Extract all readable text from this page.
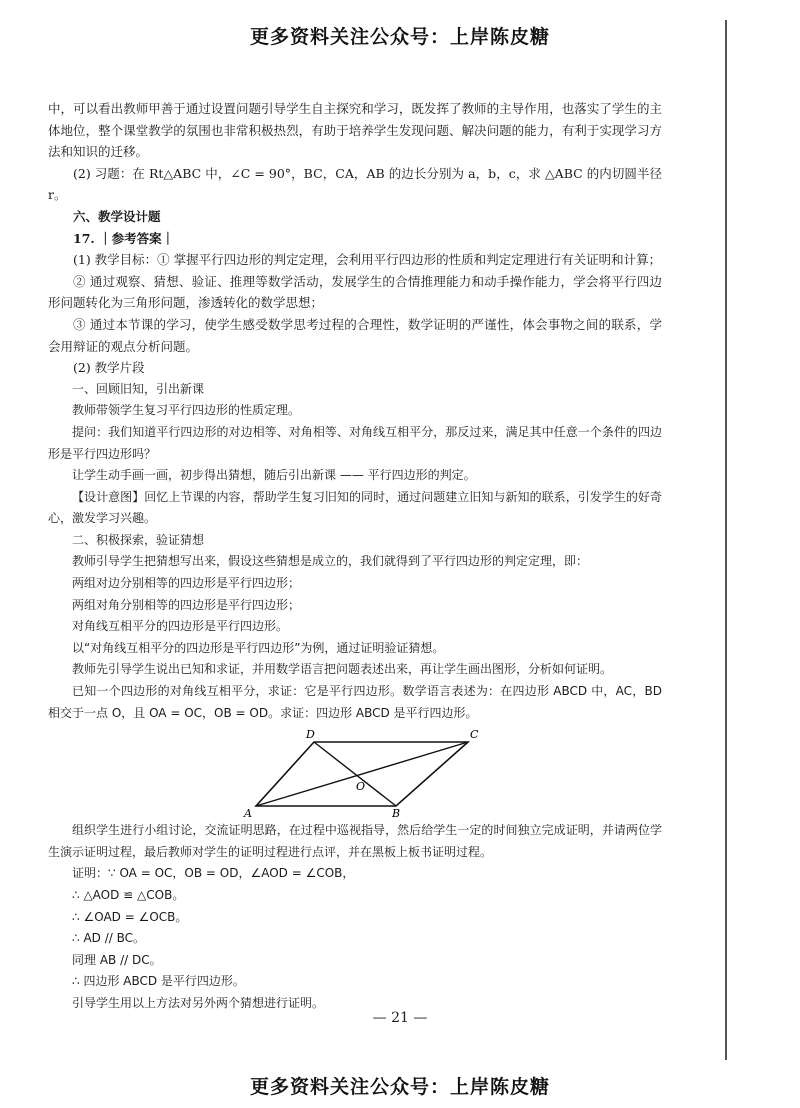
更多资料关注公众号：上岸陈皮糖

中，可以看出教师甲善于通过设置问题引导学生自主探究和学习，既发挥了教师的主导作用，也落实了学生的主体地位，整个课堂教学的氛围也非常积极热烈，有助于培养学生发现问题、解决问题的能力，有利于实现学习方法和知识的迁移。

(2) 习题：在 Rt△ABC 中，∠C = 90°，BC，CA，AB 的边长分别为 a，b，c，求 △ABC 的内切圆半径 r。

六、教学设计题

17. ｜参考答案｜

(1) 教学目标：① 掌握平行四边形的判定定理，会利用平行四边形的性质和判定定理进行有关证明和计算；

② 通过观察、猜想、验证、推理等数学活动，发展学生的合情推理能力和动手操作能力，学会将平行四边形问题转化为三角形问题，渗透转化的数学思想；

③ 通过本节课的学习，使学生感受数学思考过程的合理性，数学证明的严谨性，体会事物之间的联系，学会用辩证的观点分析问题。

(2) 教学片段

一、回顾旧知，引出新课

教师带领学生复习平行四边形的性质定理。

提问：我们知道平行四边形的对边相等、对角相等、对角线互相平分，那反过来，满足其中任意一个条件的四边形是平行四边形吗？

让学生动手画一画，初步得出猜想，随后引出新课 —— 平行四边形的判定。

【设计意图】回忆上节课的内容，帮助学生复习旧知的同时，通过问题建立旧知与新知的联系，引发学生的好奇心，激发学习兴趣。

二、积极探索，验证猜想

教师引导学生把猜想写出来，假设这些猜想是成立的，我们就得到了平行四边形的判定定理，即：

两组对边分别相等的四边形是平行四边形；

两组对角分别相等的四边形是平行四边形；

对角线互相平分的四边形是平行四边形。

以“对角线互相平分的四边形是平行四边形”为例，通过证明验证猜想。

教师先引导学生说出已知和求证，并用数学语言把问题表述出来，再让学生画出图形，分析如何证明。

已知一个四边形的对角线互相平分，求证：它是平行四边形。数学语言表述为：在四边形 ABCD 中，AC，BD 相交于一点 O，且 OA = OC，OB = OD。求证：四边形 ABCD 是平行四边形。

A	B
C
D
O

组织学生进行小组讨论，交流证明思路，在过程中巡视指导，然后给学生一定的时间独立完成证明，并请两位学生演示证明过程，最后教师对学生的证明过程进行点评，并在黑板上板书证明过程。

证明：∵ OA = OC，OB = OD，∠AOD = ∠COB，

∴ △AOD ≌ △COB。

∴ ∠OAD = ∠OCB。

∴ AD // BC。

同理 AB // DC。

∴ 四边形 ABCD 是平行四边形。

引导学生用以上方法对另外两个猜想进行证明。

— 21 —
更多资料关注公众号：上岸陈皮糖
